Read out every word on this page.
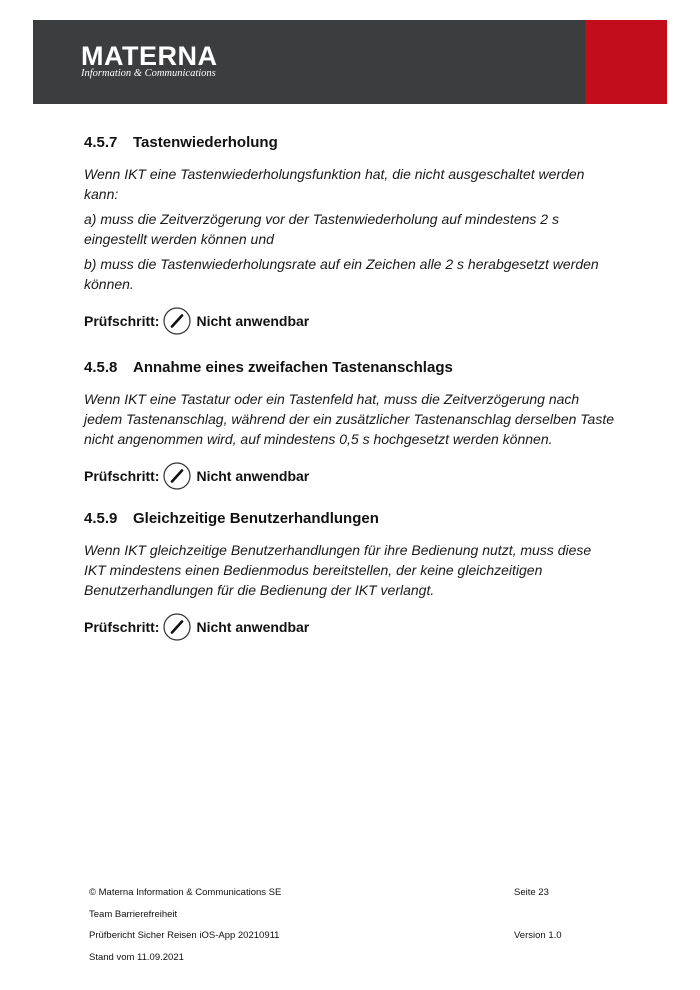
MATERNA
Information & Communications
4.5.7	Tastenwiederholung

Wenn IKT eine Tastenwiederholungsfunktion hat, die nicht ausgeschaltet werden kann:

a) muss die Zeitverzögerung vor der Tastenwiederholung auf mindestens 2 s eingestellt werden können und

b) muss die Tastenwiederholungsrate auf ein Zeichen alle 2 s herabgesetzt werden können.

Prüfschritt:	Nicht anwendbar
4.5.8	Annahme eines zweifachen Tastenanschlags

Wenn IKT eine Tastatur oder ein Tastenfeld hat, muss die Zeitverzögerung nach jedem Tastenanschlag, während der ein zusätzlicher Tastenanschlag derselben Taste nicht angenommen wird, auf mindestens 0,5 s hochgesetzt werden können.

Prüfschritt:	Nicht anwendbar
4.5.9	Gleichzeitige Benutzerhandlungen

Wenn IKT gleichzeitige Benutzerhandlungen für ihre Bedienung nutzt, muss diese IKT mindestens einen Bedienmodus bereitstellen, der keine gleichzeitigen Benutzerhandlungen für die Bedienung der IKT verlangt.

Prüfschritt:	Nicht anwendbar
© Materna Information & Communications SE	Seite 23
Team Barrierefreiheit
Prüfbericht Sicher Reisen iOS-App 20210911	Version 1.0
Stand vom 11.09.2021
